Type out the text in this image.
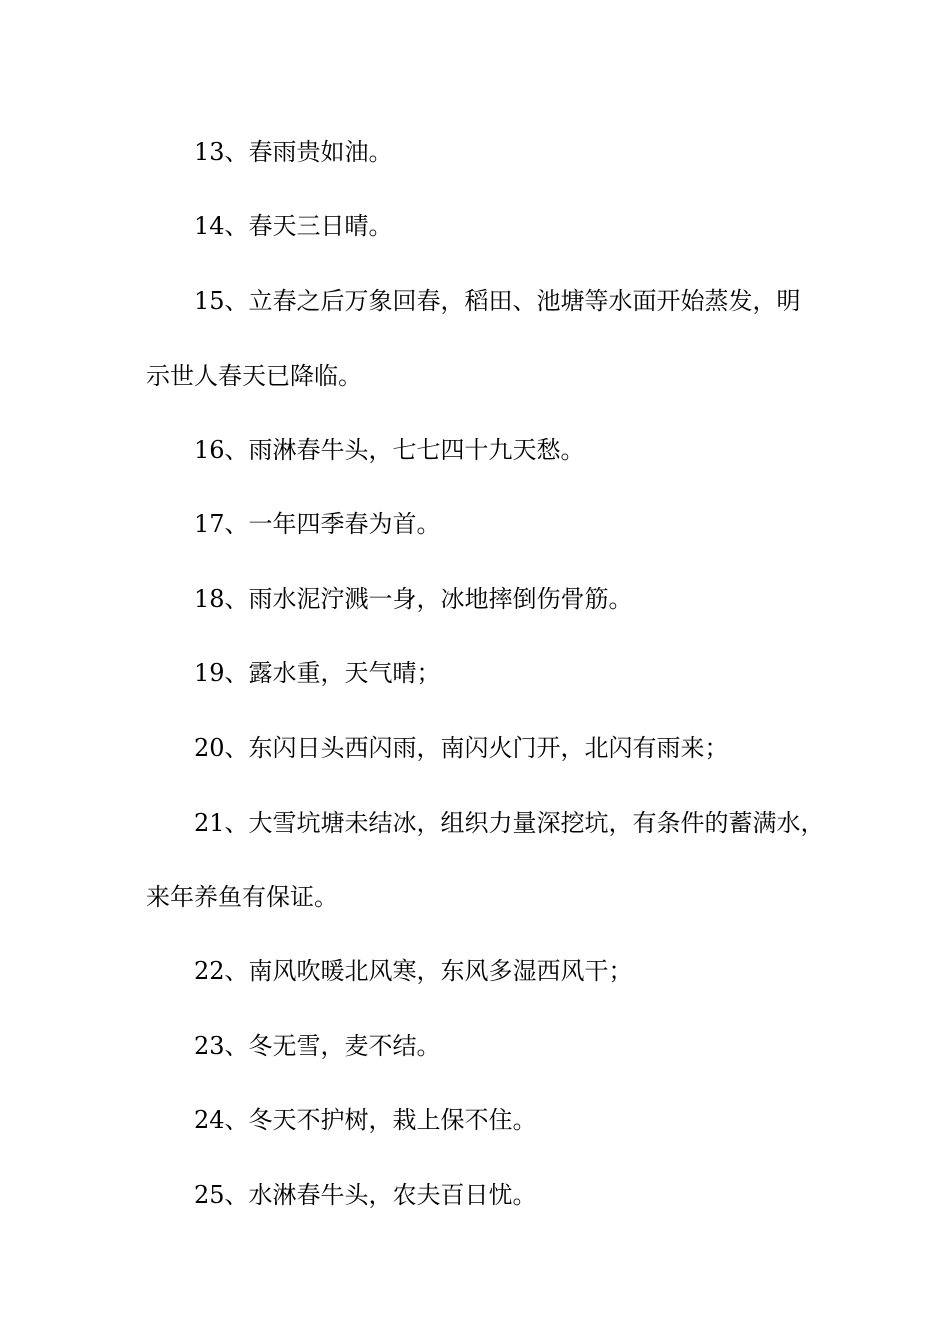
13、春雨贵如油。
14、春天三日晴。
15、立春之后万象回春，稻田、池塘等水面开始蒸发，明
示世人春天已降临。
16、雨淋春牛头，七七四十九天愁。
17、一年四季春为首。
18、雨水泥泞溅一身，冰地摔倒伤骨筋。
19、露水重，天气晴；
20、东闪日头西闪雨，南闪火门开，北闪有雨来；
21、大雪坑塘未结冰，组织力量深挖坑，有条件的蓄满水，
来年养鱼有保证。
22、南风吹暖北风寒，东风多湿西风干；
23、冬无雪，麦不结。
24、冬天不护树，栽上保不住。
25、水淋春牛头，农夫百日忧。
